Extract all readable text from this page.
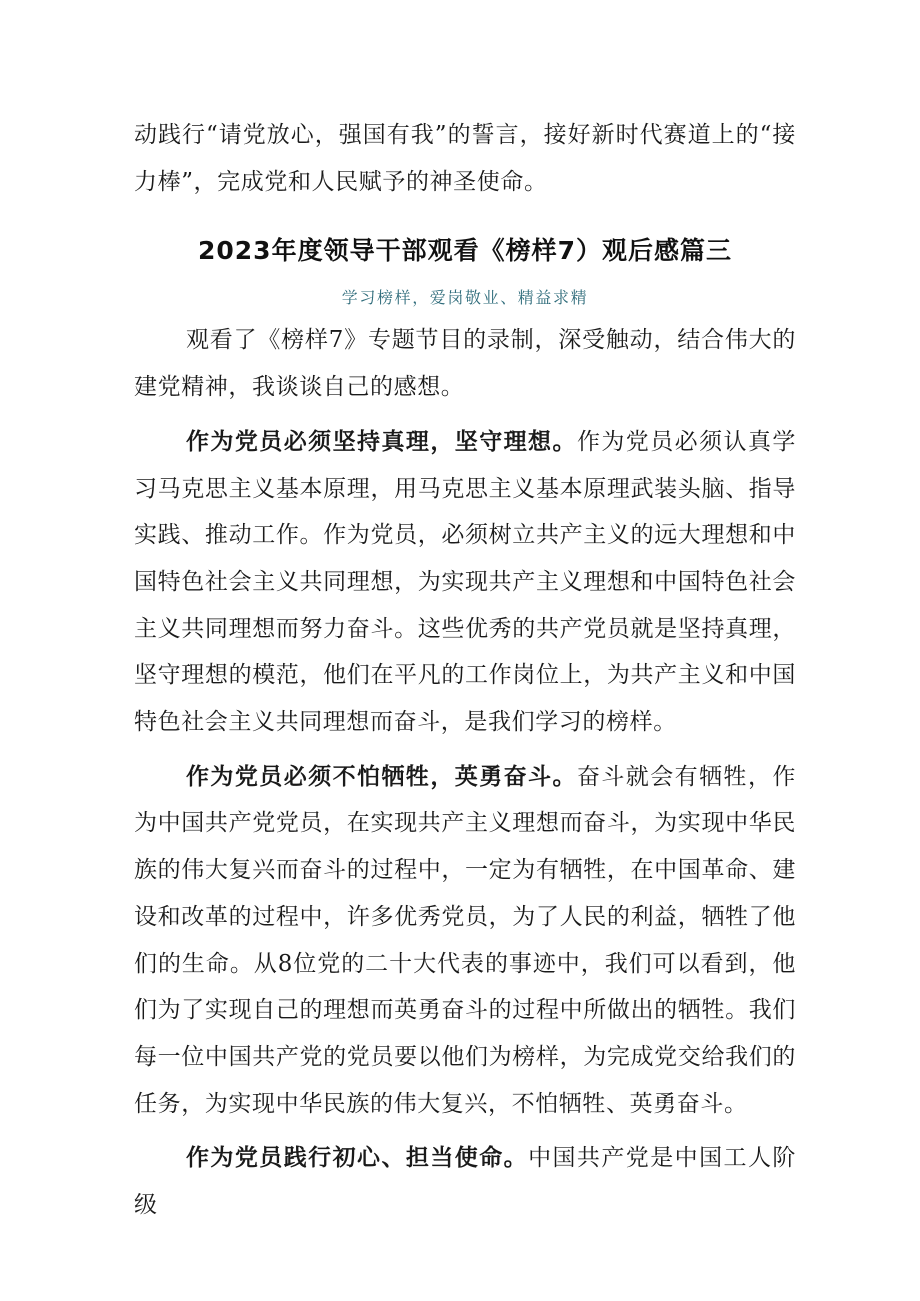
动践行“请党放心，强国有我”的誓言，接好新时代赛道上的“接力棒”，完成党和人民赋予的神圣使命。

2023年度领导干部观看《榜样7）观后感篇三
学习榜样，爱岗敬业、精益求精

观看了《榜样7》专题节目的录制，深受触动，结合伟大的建党精神，我谈谈自己的感想。

作为党员必须坚持真理，坚守理想。作为党员必须认真学习马克思主义基本原理，用马克思主义基本原理武装头脑、指导实践、推动工作。作为党员，必须树立共产主义的远大理想和中国特色社会主义共同理想，为实现共产主义理想和中国特色社会主义共同理想而努力奋斗。这些优秀的共产党员就是坚持真理，坚守理想的模范，他们在平凡的工作岗位上，为共产主义和中国特色社会主义共同理想而奋斗，是我们学习的榜样。

作为党员必须不怕牺牲，英勇奋斗。奋斗就会有牺牲，作为中国共产党党员，在实现共产主义理想而奋斗，为实现中华民族的伟大复兴而奋斗的过程中，一定为有牺牲，在中国革命、建设和改革的过程中，许多优秀党员，为了人民的利益，牺牲了他们的生命。从8位党的二十大代表的事迹中，我们可以看到，他们为了实现自己的理想而英勇奋斗的过程中所做出的牺牲。我们每一位中国共产党的党员要以他们为榜样，为完成党交给我们的任务，为实现中华民族的伟大复兴，不怕牺牲、英勇奋斗。

作为党员践行初心、担当使命。中国共产党是中国工人阶级
